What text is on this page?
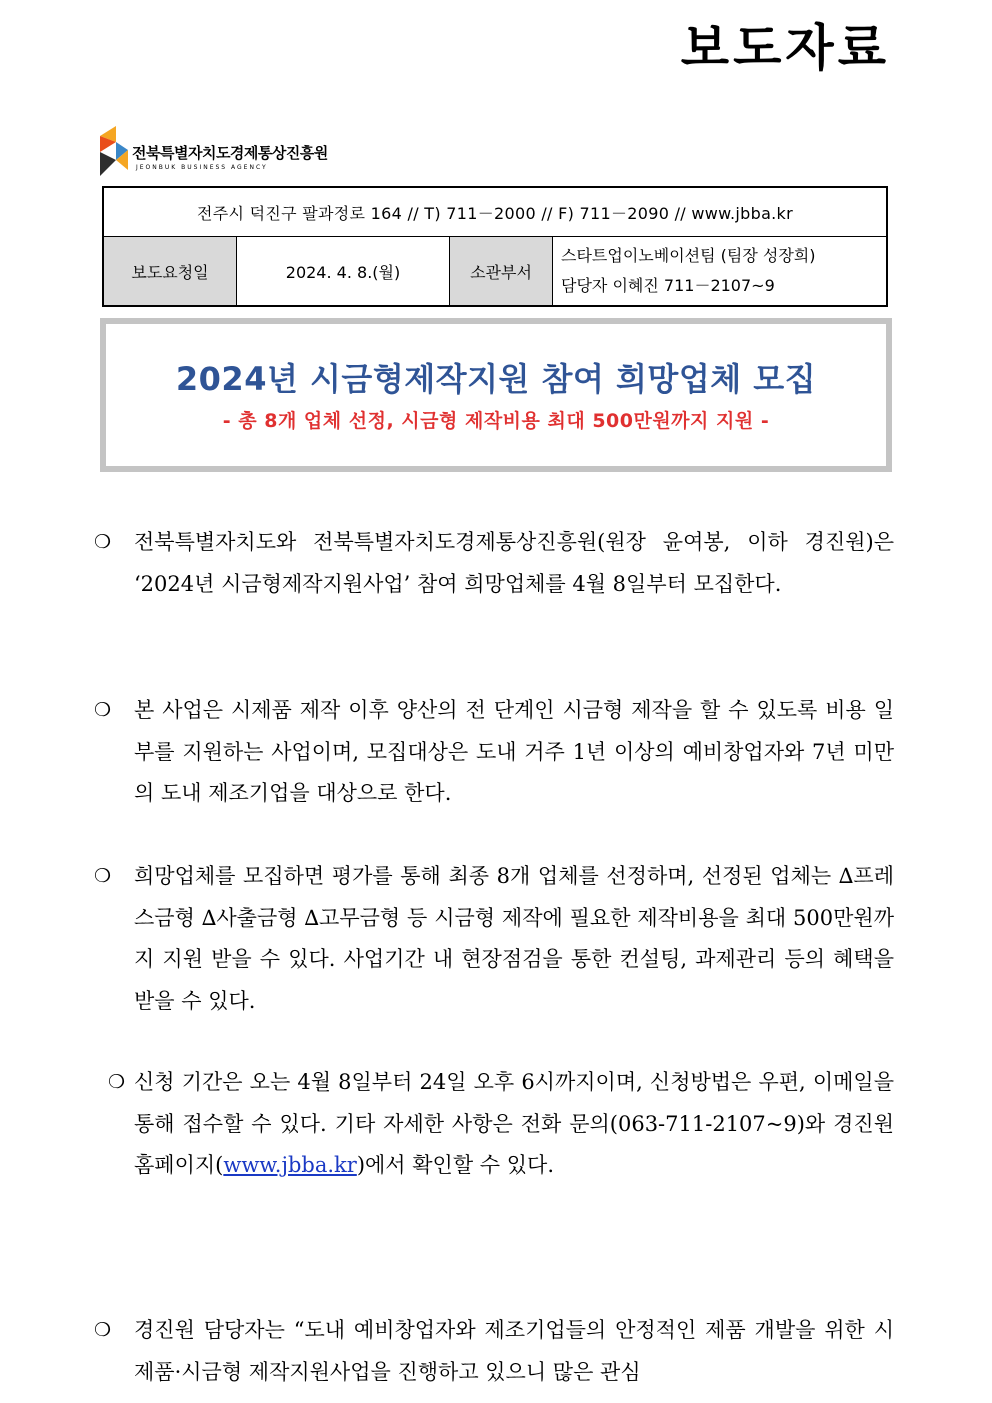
보도자료
전북특별자치도경제통상진흥원
JEONBUK BUSINESS AGENCY
전주시 덕진구 팔과정로 164 // T) 711－2000 // F) 711－2090 // www.jbba.kr
보도요청일	2024. 4. 8.(월)	소관부서	
스타트업이노베이션팀 (팀장 성장희)
담당자 이혜진 711－2107~9
2024년 시금형제작지원 참여 희망업체 모집
- 총 8개 업체 선정, 시금형 제작비용 최대 500만원까지 지원 -
❍ 전북특별자치도와 전북특별자치도경제통상진흥원(원장 윤여봉, 이하 경진원)은 ‘2024년 시금형제작지원사업’ 참여 희망업체를 4월 8일부터 모집한다.
❍ 본 사업은 시제품 제작 이후 양산의 전 단계인 시금형 제작을 할 수 있도록 비용 일부를 지원하는 사업이며, 모집대상은 도내 거주 1년 이상의 예비창업자와 7년 미만의 도내 제조기업을 대상으로 한다.
❍ 희망업체를 모집하면 평가를 통해 최종 8개 업체를 선정하며, 선정된 업체는 ∆프레스금형 ∆사출금형 ∆고무금형 등 시금형 제작에 필요한 제작비용을 최대 500만원까지 지원 받을 수 있다. 사업기간 내 현장점검을 통한 컨설팅, 과제관리 등의 혜택을 받을 수 있다.
❍ 신청 기간은 오는 4월 8일부터 24일 오후 6시까지이며, 신청방법은 우편, 이메일을 통해 접수할 수 있다. 기타 자세한 사항은 전화 문의(063-711-2107~9)와 경진원 홈페이지(www.jbba.kr)에서 확인할 수 있다.
❍ 경진원 담당자는 “도내 예비창업자와 제조기업들의 안정적인 제품 개발을 위한 시제품·시금형 제작지원사업을 진행하고 있으니 많은 관심
